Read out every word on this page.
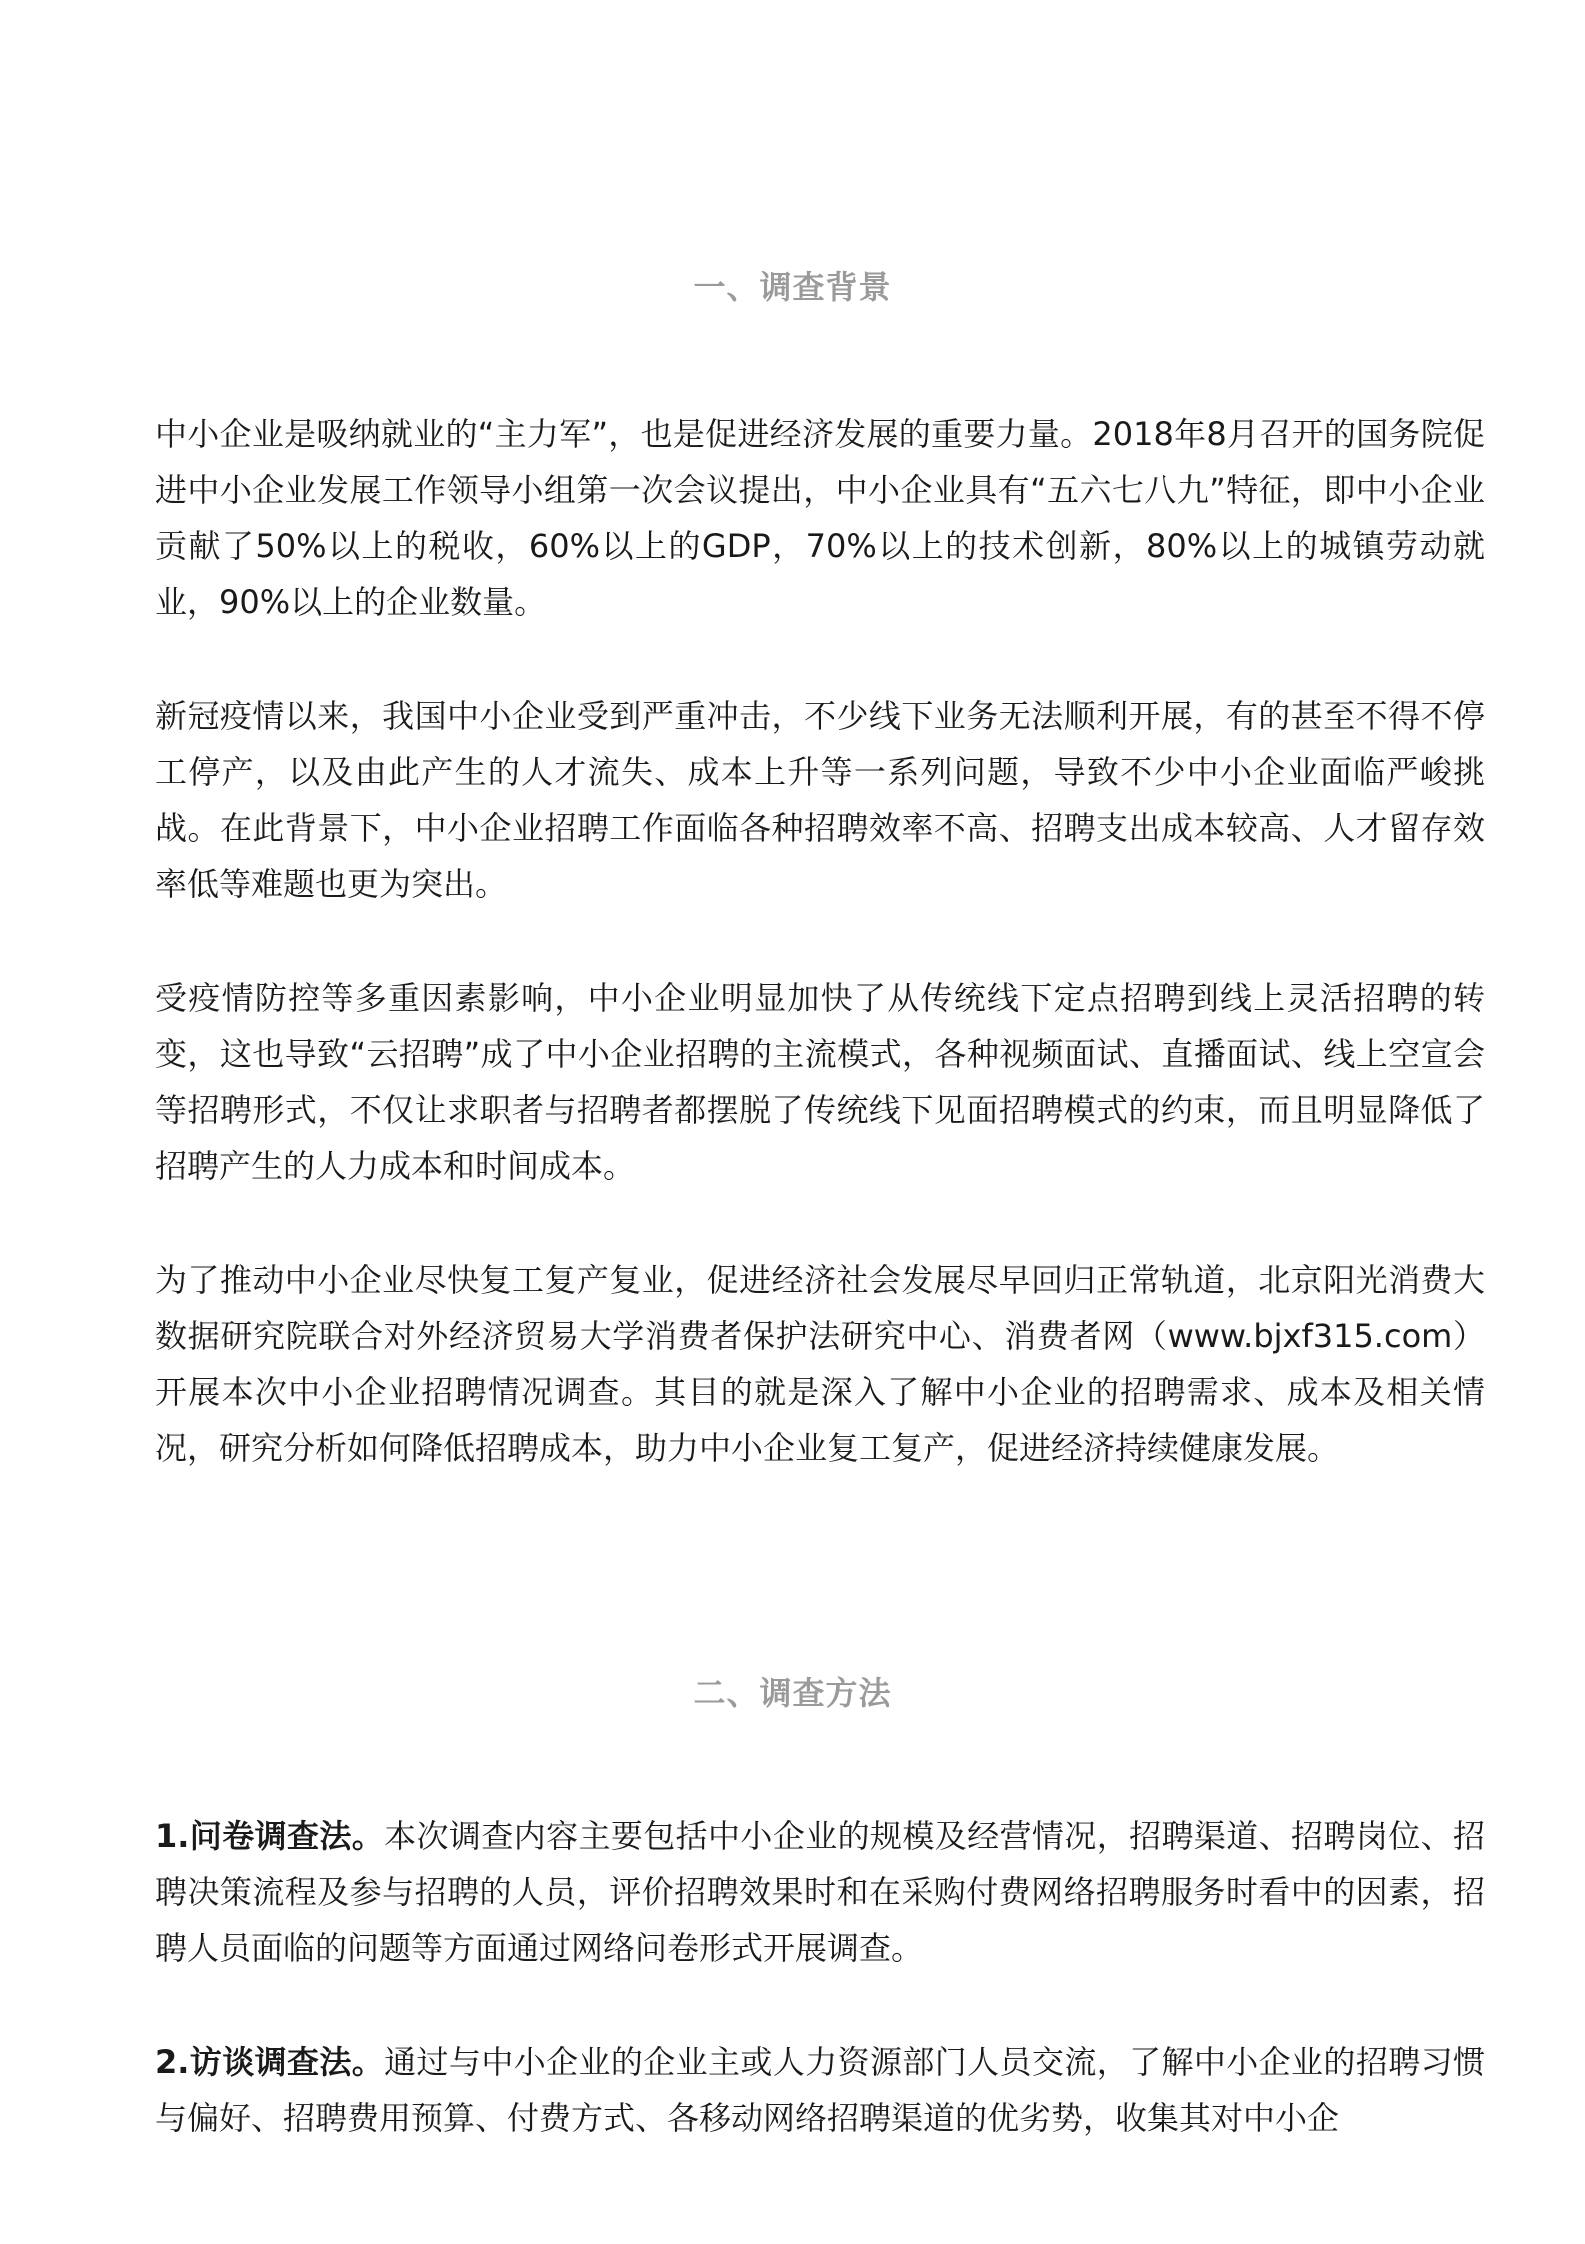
一、调查背景

中小企业是吸纳就业的“主力军”，也是促进经济发展的重要力量。2018年8月召开的国务院促进中小企业发展工作领导小组第一次会议提出，中小企业具有“五六七八九”特征，即中小企业贡献了50%以上的税收，60%以上的GDP，70%以上的技术创新，80%以上的城镇劳动就业，90%以上的企业数量。

新冠疫情以来，我国中小企业受到严重冲击，不少线下业务无法顺利开展，有的甚至不得不停工停产，以及由此产生的人才流失、成本上升等一系列问题，导致不少中小企业面临严峻挑战。在此背景下，中小企业招聘工作面临各种招聘效率不高、招聘支出成本较高、人才留存效率低等难题也更为突出。

受疫情防控等多重因素影响，中小企业明显加快了从传统线下定点招聘到线上灵活招聘的转变，这也导致“云招聘”成了中小企业招聘的主流模式，各种视频面试、直播面试、线上空宣会等招聘形式，不仅让求职者与招聘者都摆脱了传统线下见面招聘模式的约束，而且明显降低了招聘产生的人力成本和时间成本。

为了推动中小企业尽快复工复产复业，促进经济社会发展尽早回归正常轨道，北京阳光消费大数据研究院联合对外经济贸易大学消费者保护法研究中心、消费者网（www.bjxf315.com）开展本次中小企业招聘情况调查。其目的就是深入了解中小企业的招聘需求、成本及相关情况，研究分析如何降低招聘成本，助力中小企业复工复产，促进经济持续健康发展。

二、调查方法

1.问卷调查法。本次调查内容主要包括中小企业的规模及经营情况，招聘渠道、招聘岗位、招聘决策流程及参与招聘的人员，评价招聘效果时和在采购付费网络招聘服务时看中的因素，招聘人员面临的问题等方面通过网络问卷形式开展调查。

2.访谈调查法。通过与中小企业的企业主或人力资源部门人员交流，了解中小企业的招聘习惯与偏好、招聘费用预算、付费方式、各移动网络招聘渠道的优劣势，收集其对中小企
